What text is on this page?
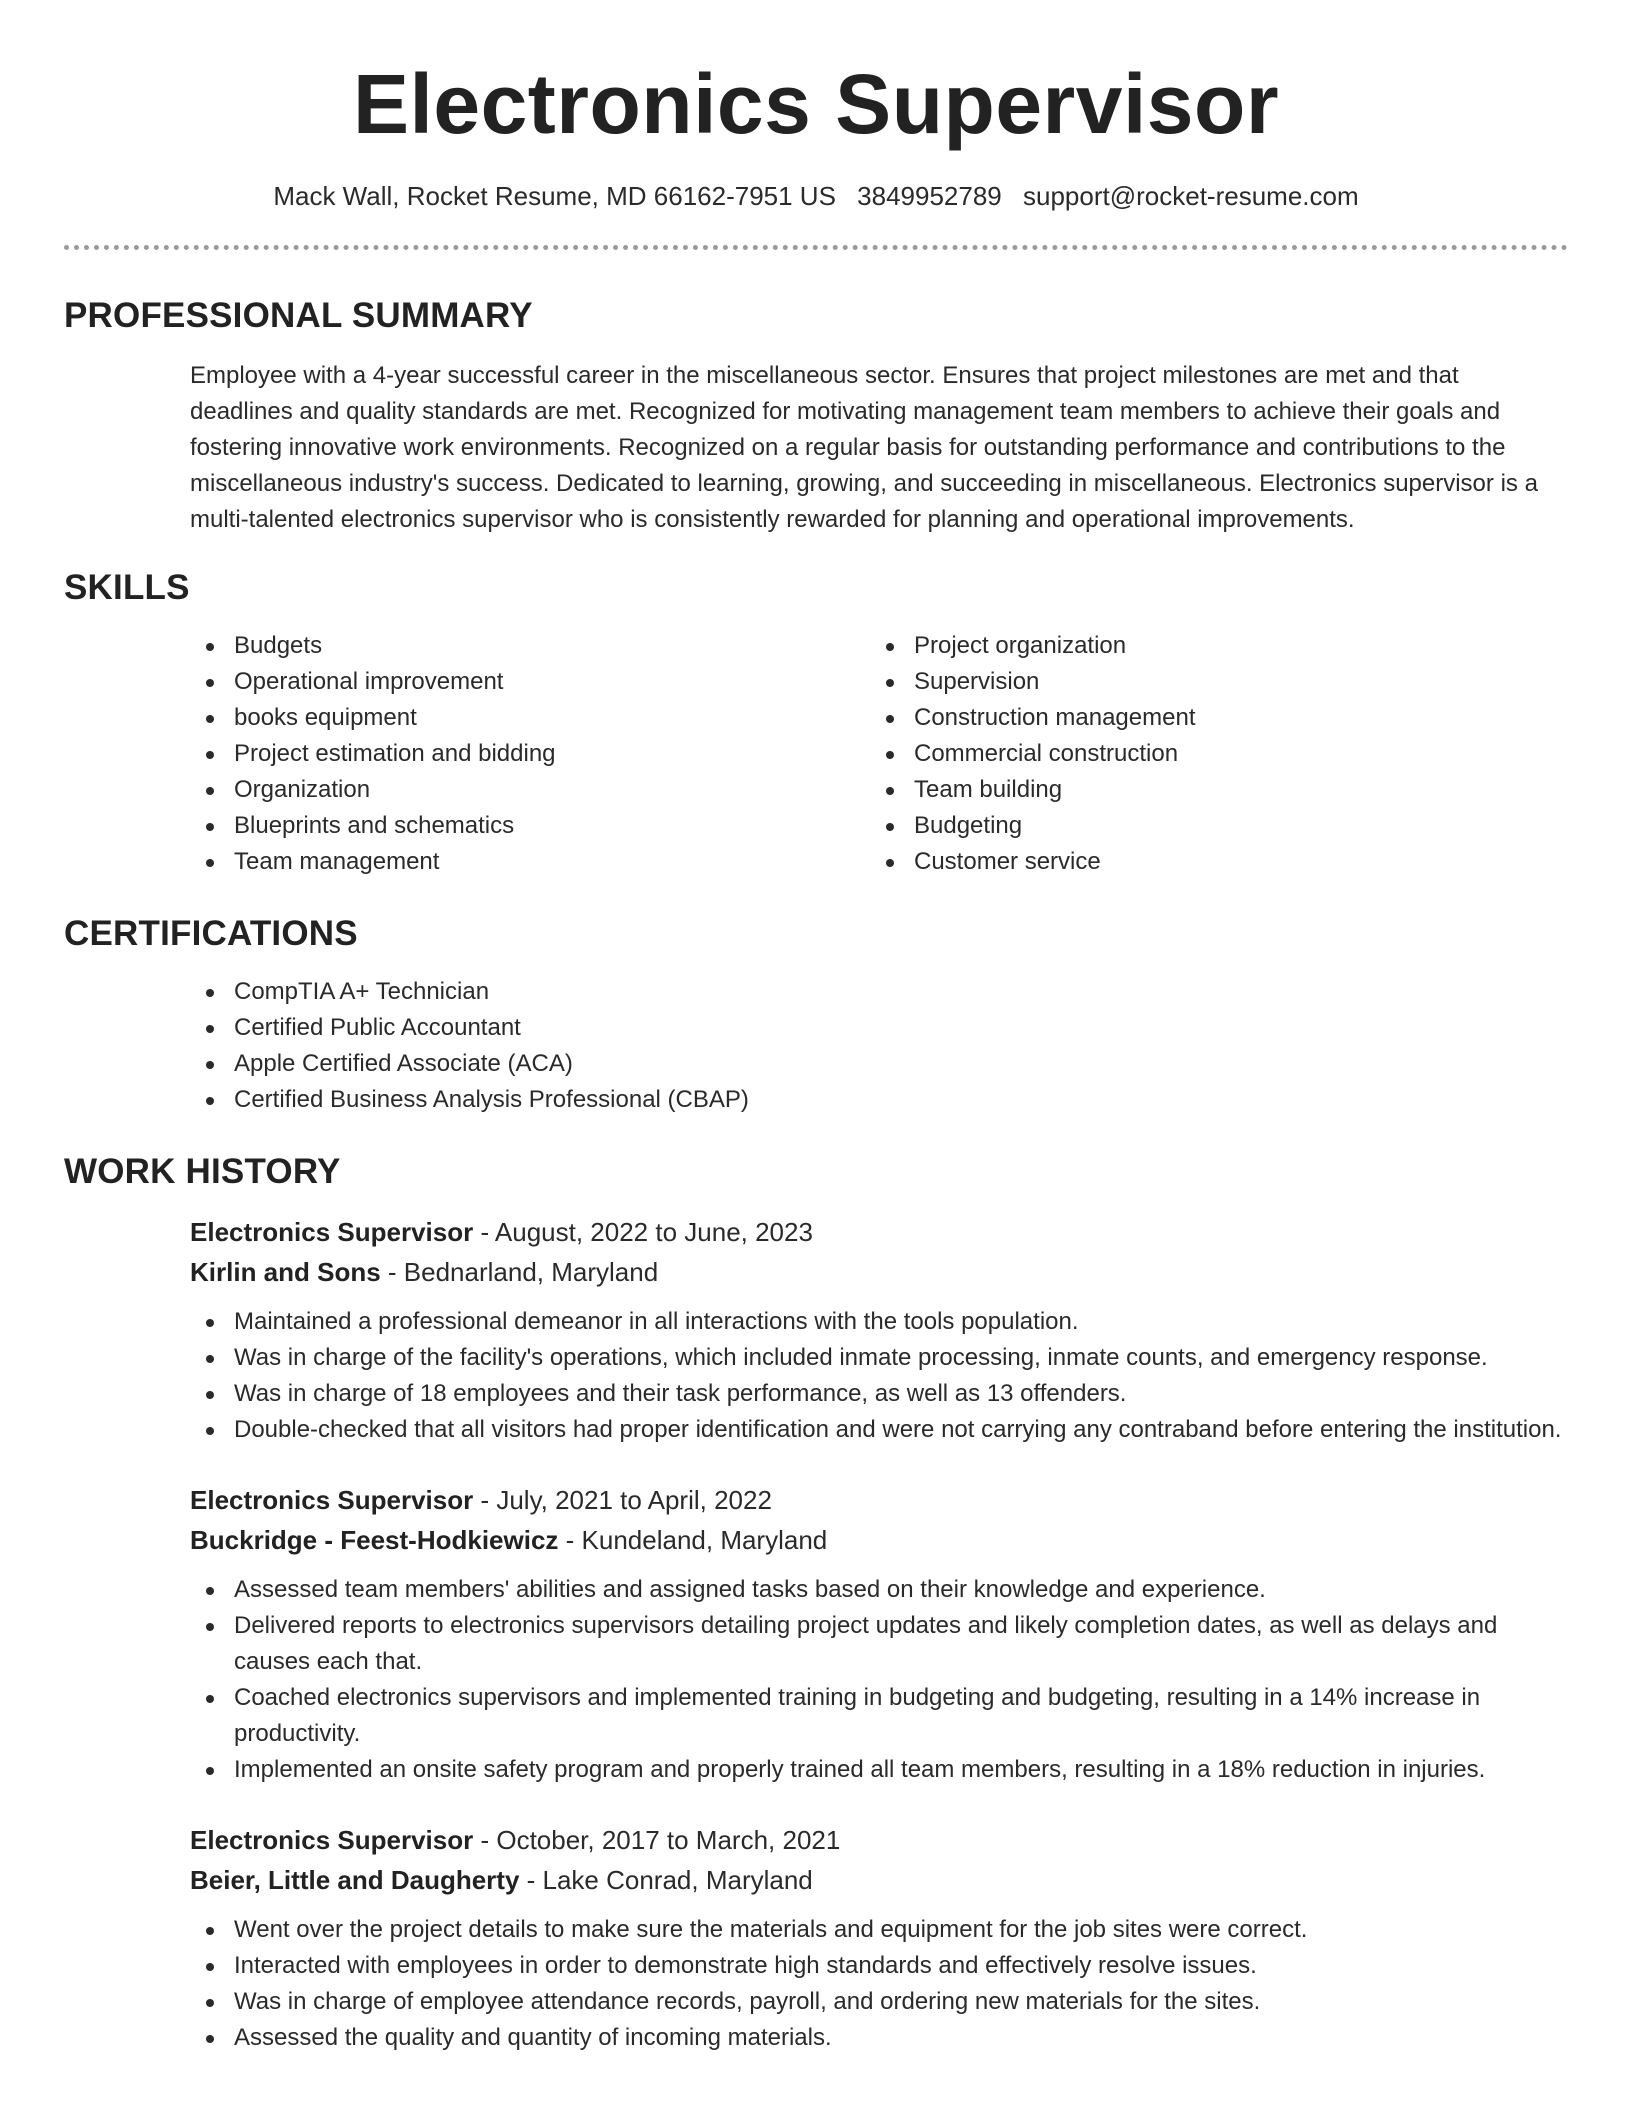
Electronics Supervisor
Mack Wall, Rocket Resume, MD 66162-7951 US 3849952789 support@rocket-resume.com
PROFESSIONAL SUMMARY
Employee with a 4-year successful career in the miscellaneous sector. Ensures that project milestones are met and that deadlines and quality standards are met. Recognized for motivating management team members to achieve their goals and fostering innovative work environments. Recognized on a regular basis for outstanding performance and contributions to the miscellaneous industry's success. Dedicated to learning, growing, and succeeding in miscellaneous. Electronics supervisor is a multi-talented electronics supervisor who is consistently rewarded for planning and operational improvements.
SKILLS
Budgets
Operational improvement
books equipment
Project estimation and bidding
Organization
Blueprints and schematics
Team management
Project organization
Supervision
Construction management
Commercial construction
Team building
Budgeting
Customer service
CERTIFICATIONS
CompTIA A+ Technician
Certified Public Accountant
Apple Certified Associate (ACA)
Certified Business Analysis Professional (CBAP)
WORK HISTORY
Electronics Supervisor - August, 2022 to June, 2023
Kirlin and Sons - Bednarland, Maryland
Maintained a professional demeanor in all interactions with the tools population.
Was in charge of the facility's operations, which included inmate processing, inmate counts, and emergency response.
Was in charge of 18 employees and their task performance, as well as 13 offenders.
Double-checked that all visitors had proper identification and were not carrying any contraband before entering the institution.
Electronics Supervisor - July, 2021 to April, 2022
Buckridge - Feest-Hodkiewicz - Kundeland, Maryland
Assessed team members' abilities and assigned tasks based on their knowledge and experience.
Delivered reports to electronics supervisors detailing project updates and likely completion dates, as well as delays and causes each that.
Coached electronics supervisors and implemented training in budgeting and budgeting, resulting in a 14% increase in productivity.
Implemented an onsite safety program and properly trained all team members, resulting in a 18% reduction in injuries.
Electronics Supervisor - October, 2017 to March, 2021
Beier, Little and Daugherty - Lake Conrad, Maryland
Went over the project details to make sure the materials and equipment for the job sites were correct.
Interacted with employees in order to demonstrate high standards and effectively resolve issues.
Was in charge of employee attendance records, payroll, and ordering new materials for the sites.
Assessed the quality and quantity of incoming materials.
